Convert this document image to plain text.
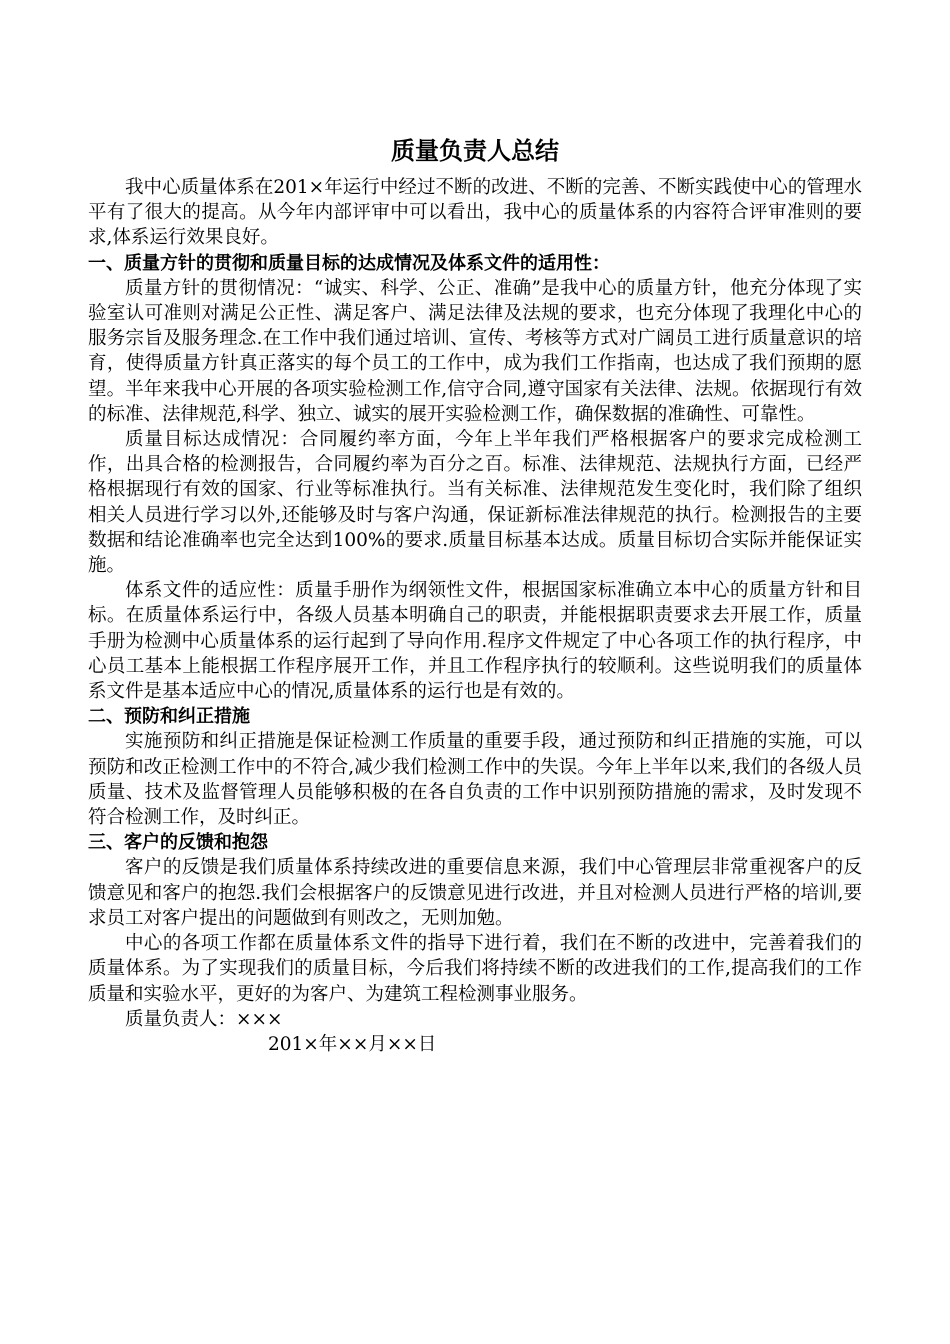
质量负责人总结

我中心质量体系在201×年运行中经过不断的改进、不断的完善、不断实践使中心的管理水平有了很大的提高。从今年内部评审中可以看出，我中心的质量体系的内容符合评审准则的要求,体系运行效果良好。

一、质量方针的贯彻和质量目标的达成情况及体系文件的适用性：

质量方针的贯彻情况：“诚实、科学、公正、准确”是我中心的质量方针，他充分体现了实验室认可准则对满足公正性、满足客户、满足法律及法规的要求，也充分体现了我理化中心的服务宗旨及服务理念.在工作中我们通过培训、宣传、考核等方式对广阔员工进行质量意识的培育，使得质量方针真正落实的每个员工的工作中，成为我们工作指南，也达成了我们预期的愿望。半年来我中心开展的各项实验检测工作,信守合同,遵守国家有关法律、法规。依据现行有效的标准、法律规范,科学、独立、诚实的展开实验检测工作，确保数据的准确性、可靠性。

质量目标达成情况：合同履约率方面，今年上半年我们严格根据客户的要求完成检测工作，出具合格的检测报告，合同履约率为百分之百。标准、法律规范、法规执行方面，已经严格根据现行有效的国家、行业等标准执行。当有关标准、法律规范发生变化时，我们除了组织相关人员进行学习以外,还能够及时与客户沟通，保证新标准法律规范的执行。检测报告的主要数据和结论准确率也完全达到100%的要求.质量目标基本达成。质量目标切合实际并能保证实施。

体系文件的适应性：质量手册作为纲领性文件，根据国家标准确立本中心的质量方针和目标。在质量体系运行中，各级人员基本明确自己的职责，并能根据职责要求去开展工作，质量手册为检测中心质量体系的运行起到了导向作用.程序文件规定了中心各项工作的执行程序，中心员工基本上能根据工作程序展开工作，并且工作程序执行的较顺利。这些说明我们的质量体系文件是基本适应中心的情况,质量体系的运行也是有效的。

二、预防和纠正措施

实施预防和纠正措施是保证检测工作质量的重要手段，通过预防和纠正措施的实施，可以预防和改正检测工作中的不符合,减少我们检测工作中的失误。今年上半年以来,我们的各级人员质量、技术及监督管理人员能够积极的在各自负责的工作中识别预防措施的需求，及时发现不符合检测工作，及时纠正。

三、客户的反馈和抱怨

客户的反馈是我们质量体系持续改进的重要信息来源，我们中心管理层非常重视客户的反馈意见和客户的抱怨.我们会根据客户的反馈意见进行改进，并且对检测人员进行严格的培训,要求员工对客户提出的问题做到有则改之，无则加勉。

中心的各项工作都在质量体系文件的指导下进行着，我们在不断的改进中，完善着我们的质量体系。为了实现我们的质量目标，今后我们将持续不断的改进我们的工作,提高我们的工作质量和实验水平，更好的为客户、为建筑工程检测事业服务。

质量负责人：×××

201×年××月××日
